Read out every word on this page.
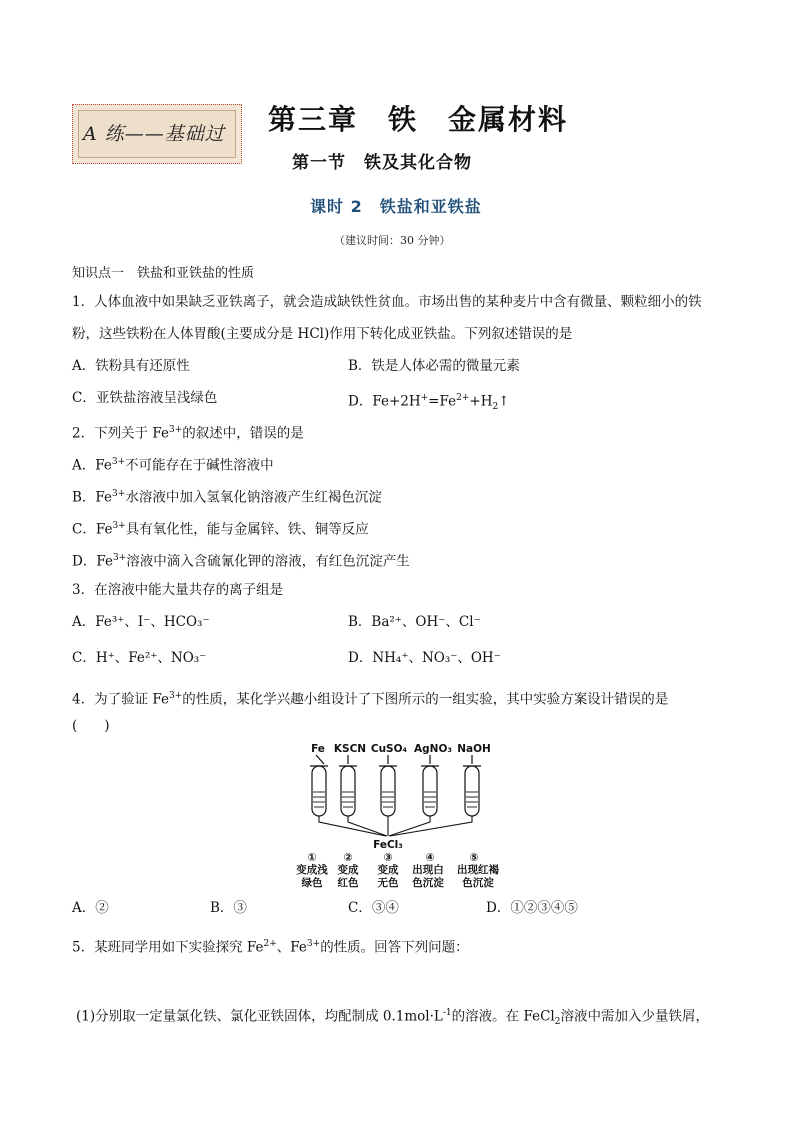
A 练——基础过 第三章　铁　金属材料
第一节　铁及其化合物
课时 2　铁盐和亚铁盐
（建议时间：30 分钟）
知识点一　铁盐和亚铁盐的性质
1．人体血液中如果缺乏亚铁离子，就会造成缺铁性贫血。市场出售的某种麦片中含有微量、颗粒细小的铁
粉，这些铁粉在人体胃酸(主要成分是 HCl)作用下转化成亚铁盐。下列叙述错误的是
A．铁粉具有还原性	B．铁是人体必需的微量元素
C．亚铁盐溶液呈浅绿色	D．$Fe+2H^+=Fe^{2+}+H_2↑$
2．下列关于 $Fe^{3+}$的叙述中，错误的是
A．$Fe^{3+}$不可能存在于碱性溶液中
B．$Fe^{3+}$水溶液中加入氢氧化钠溶液产生红褐色沉淀
C．$Fe^{3+}$具有氧化性，能与金属锌、铁、铜等反应
D．$Fe^{3+}$溶液中滴入含硫氰化钾的溶液，有红色沉淀产生
3．在溶液中能大量共存的离子组是
A．Fe³⁺、I⁻、HCO₃⁻	B．Ba²⁺、OH⁻、Cl⁻
C．H⁺、Fe²⁺、NO₃⁻	D．NH₄⁺、NO₃⁻、OH⁻
4．为了验证 $Fe^{3+}$的性质，某化学兴趣小组设计了下图所示的一组实验，其中实验方案设计错误的是
(　　)
Fe KSCN CuSO₄ AgNO₃ NaOH
FeCl₃
① ②	③	④	⑤
变成浅 变成 变成 出现白 出现红褐
绿色 红色 无色 色沉淀 色沉淀
A．②	B．③	C．③④	D．①②③④⑤
5．某班同学用如下实验探究 $Fe^{2+}$、$Fe^{3+}$的性质。回答下列问题：
(1)分别取一定量氯化铁、氯化亚铁固体，均配制成 $0.1mol\cdot L^{-1}$的溶液。在 FeCl$_2$溶液中需加入少量铁屑，
